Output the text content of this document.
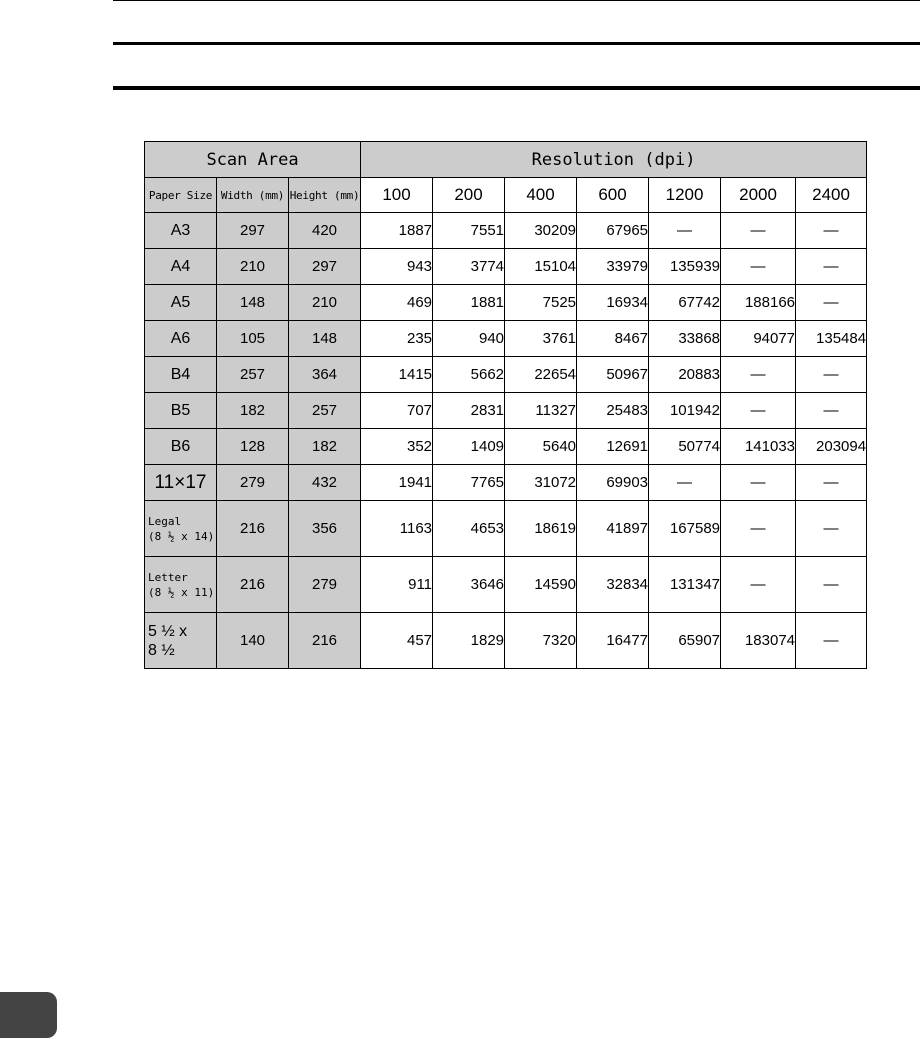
Scan Area			Resolution (dpi)						
Paper Size	Width (mm)	Height (mm)	100	200	400	600	1200	2000	2400
A3	297	420	1887	7551	30209	67965	—	—	—
A4	210	297	943	3774	15104	33979	135939	—	—
A5	148	210	469	1881	7525	16934	67742	188166	—
A6	105	148	235	940	3761	8467	33868	94077	135484
B4	257	364	1415	5662	22654	50967	20883	—	—
B5	182	257	707	2831	11327	25483	101942	—	—
B6	128	182	352	1409	5640	12691	50774	141033	203094
11×17	279	432	1941	7765	31072	69903	—	—	—

Legal
(8 ½ x 14)	216	356	1163	4653	18619	41897	167589	—	—

Letter
(8 ½ x 11)	216	279	911	3646	14590	32834	131347	—	—

5 ½ x
8 ½	140	216	457	1829	7320	16477	65907	183074	—
